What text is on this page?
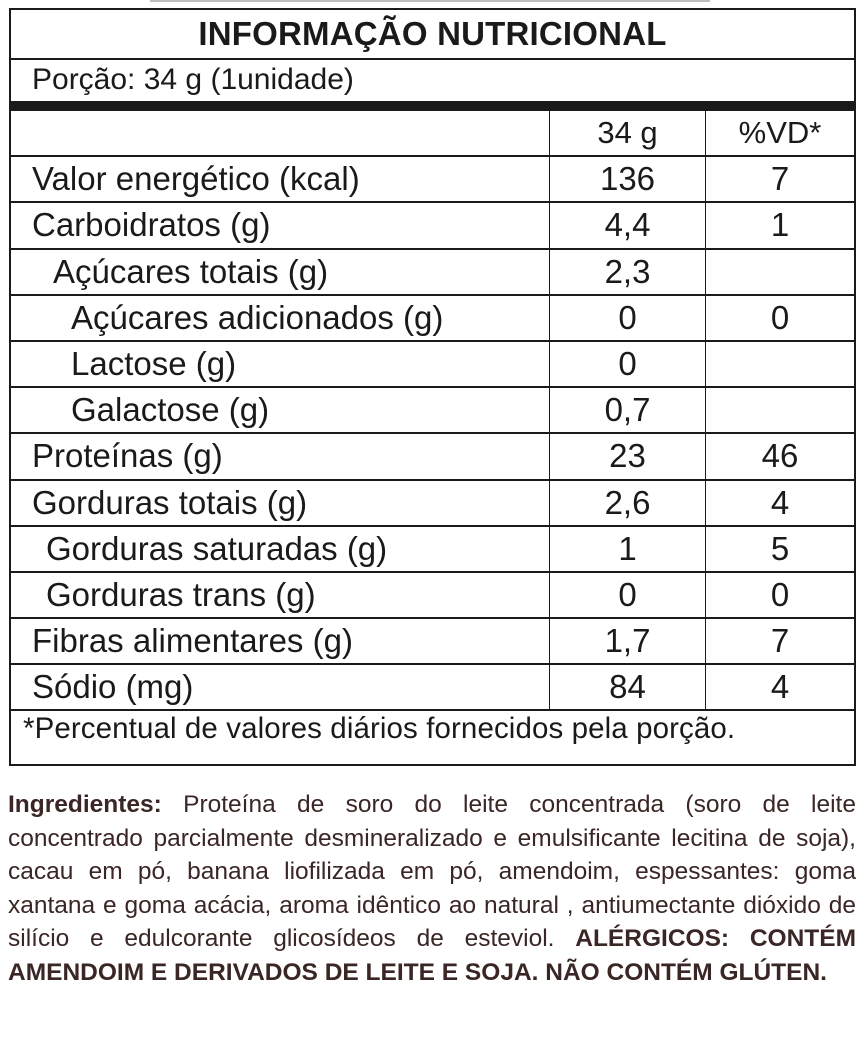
INFORMAÇÃO NUTRICIONAL
Porção: 34 g (1unidade)
34 g	%VD*
Valor energético (kcal)	136	7
Carboidratos (g)	4,4	1
Açúcares totais (g)	2,3
Açúcares adicionados (g)	0	0
Lactose (g)	0
Galactose (g)	0,7
Proteínas (g)	23	46
Gorduras totais (g)	2,6	4
Gorduras saturadas (g)	1	5
Gorduras trans (g)	0	0
Fibras alimentares (g)	1,7	7
Sódio (mg)	84	4
*Percentual de valores diários fornecidos pela porção.
Ingredientes: Proteína de soro do leite concentrada (soro de leite concentrado parcialmente desmineralizado e emulsificante lecitina de soja), cacau em pó, banana liofilizada em pó, amendoim, espessantes: goma xantana e goma acácia, aroma idêntico ao natural , antiumectante dióxido de silício e edulcorante glicosídeos de esteviol. ALÉRGICOS: CONTÉM AMENDOIM E DERIVADOS DE LEITE E SOJA. NÃO CONTÉM GLÚTEN.
